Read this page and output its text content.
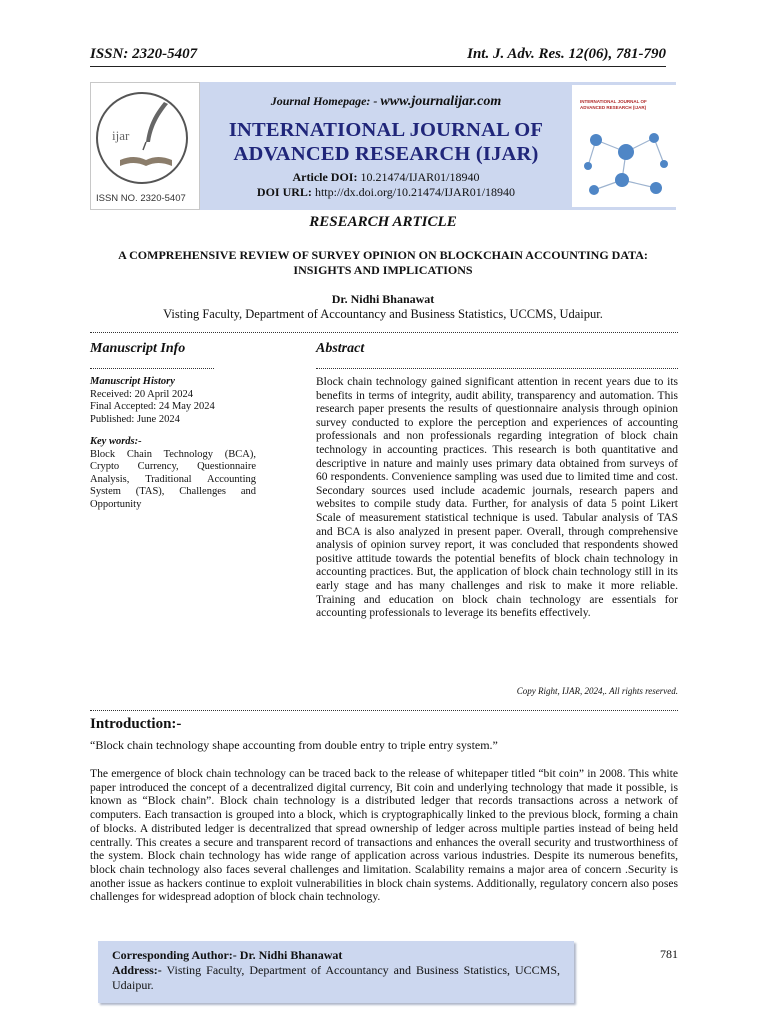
ISSN: 2320-5407	Int. J. Adv. Res. 12(06), 781-790
ijar
ISSN NO. 2320-5407
Journal Homepage: - www.journalijar.com
INTERNATIONAL JOURNAL OF
ADVANCED RESEARCH (IJAR)
Article DOI: 10.21474/IJAR01/18940
DOI URL: http://dx.doi.org/10.21474/IJAR01/18940
INTERNATIONAL JOURNAL OF
ADVANCED RESEARCH (IJAR)
RESEARCH ARTICLE
A COMPREHENSIVE REVIEW OF SURVEY OPINION ON BLOCKCHAIN ACCOUNTING DATA:
INSIGHTS AND IMPLICATIONS
Dr. Nidhi Bhanawat
Visting Faculty, Department of Accountancy and Business Statistics, UCCMS, Udaipur.
Manuscript Info	Abstract
Manuscript History
Received: 20 April 2024
Final Accepted: 24 May 2024
Published: June 2024
Key words:-
Block Chain Technology (BCA), Crypto Currency, Questionnaire Analysis, Traditional Accounting System (TAS), Challenges and Opportunity

Block chain technology gained significant attention in recent years due to its benefits in terms of integrity, audit ability, transparency and automation. This research paper presents the results of questionnaire analysis through opinion survey conducted to explore the perception and experiences of accounting professionals and non professionals regarding integration of block chain technology in accounting practices. This research is both quantitative and descriptive in nature and mainly uses primary data obtained from surveys of 60 respondents. Convenience sampling was used due to limited time and cost. Secondary sources used include academic journals, research papers and websites to compile study data. Further, for analysis of data 5 point Likert Scale of measurement statistical technique is used. Tabular analysis of TAS and BCA is also analyzed in present paper. Overall, through comprehensive analysis of opinion survey report, it was concluded that respondents showed positive attitude towards the potential benefits of block chain technology in accounting practices. But, the application of block chain technology still in its early stage and has many challenges and risk to make it more reliable. Training and education on block chain technology are essentials for accounting professionals to leverage its benefits effectively.

Copy Right, IJAR, 2024,. All rights reserved.
Introduction:-
“Block chain technology shape accounting from double entry to triple entry system.”

The emergence of block chain technology can be traced back to the release of whitepaper titled “bit coin” in 2008. This white paper introduced the concept of a decentralized digital currency, Bit coin and underlying technology that made it possible, is known as “Block chain”. Block chain technology is a distributed ledger that records transactions across a network of computers. Each transaction is grouped into a block, which is cryptographically linked to the previous block, forming a chain of blocks. A distributed ledger is decentralized that spread ownership of ledger across multiple parties instead of being held centrally. This creates a secure and transparent record of transactions and enhances the overall security and trustworthiness of the system. Block chain technology has wide range of application across various industries. Despite its numerous benefits, block chain technology also faces several challenges and limitation. Scalability remains a major area of concern .Security is another issue as hackers continue to exploit vulnerabilities in block chain systems. Additionally, regulatory concern also poses challenges for widespread adoption of block chain technology.

Corresponding Author:- Dr. Nidhi Bhanawat
Address:- Visting Faculty, Department of Accountancy and Business Statistics, UCCMS, Udaipur.
781
